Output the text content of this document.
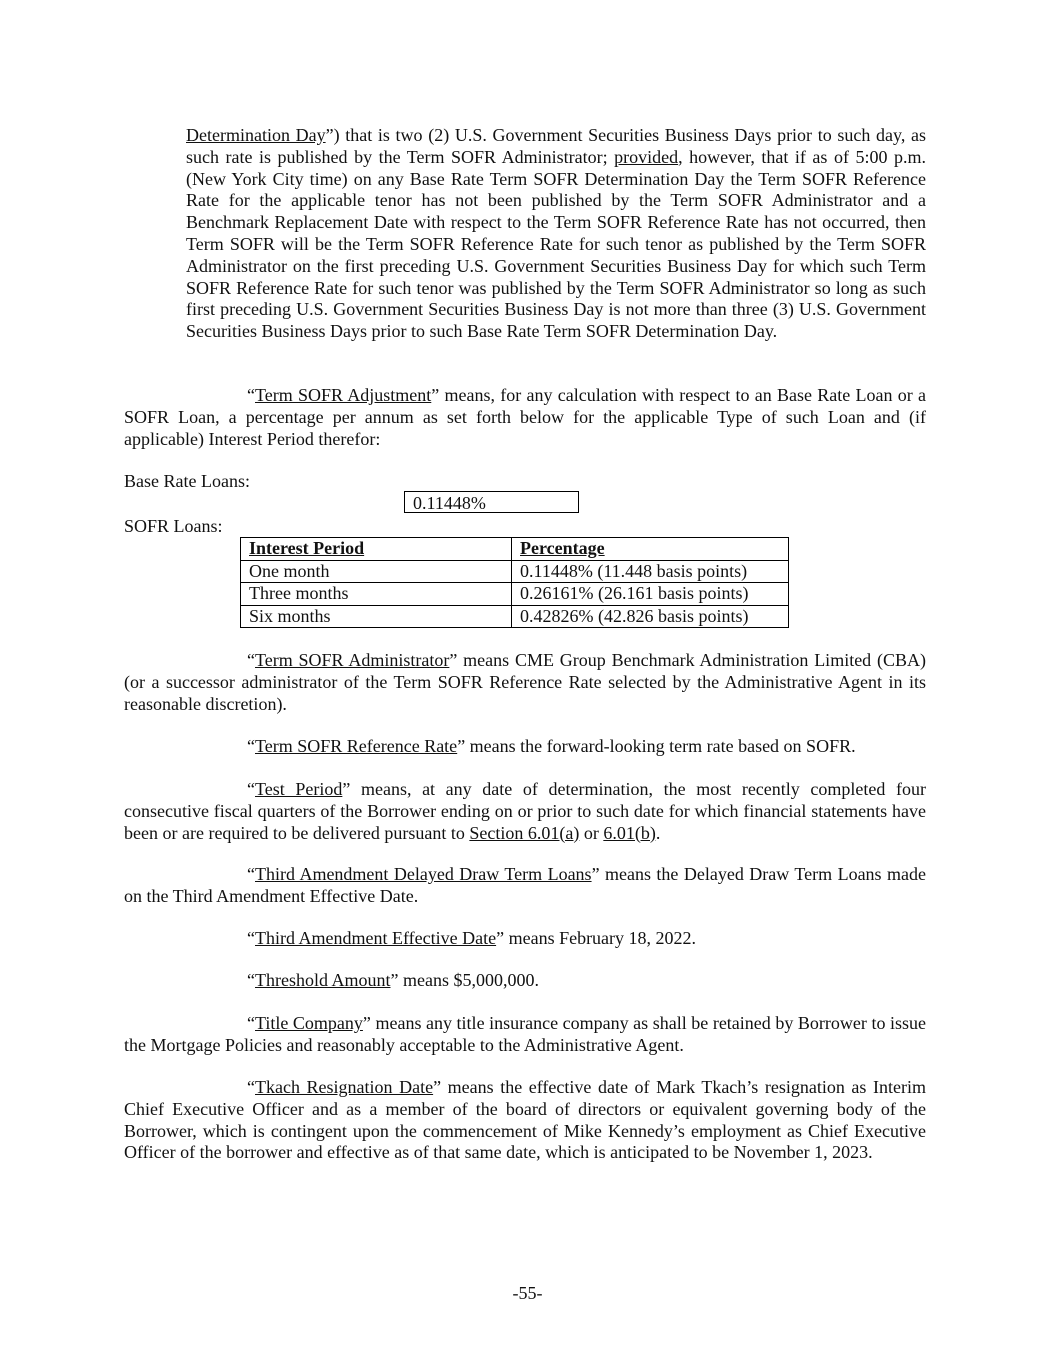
Determination Day”) that is two (2) U.S. Government Securities Business Days prior to such day, as such rate is published by the Term SOFR Administrator; provided, however, that if as of 5:00 p.m. (New York City time) on any Base Rate Term SOFR Determination Day the Term SOFR Reference Rate for the applicable tenor has not been published by the Term SOFR Administrator and a Benchmark Replacement Date with respect to the Term SOFR Reference Rate has not occurred, then Term SOFR will be the Term SOFR Reference Rate for such tenor as published by the Term SOFR Administrator on the first preceding U.S. Government Securities Business Day for which such Term SOFR Reference Rate for such tenor was published by the Term SOFR Administrator so long as such first preceding U.S. Government Securities Business Day is not more than three (3) U.S. Government Securities Business Days prior to such Base Rate Term SOFR Determination Day.

“Term SOFR Adjustment” means, for any calculation with respect to an Base Rate Loan or a SOFR Loan, a percentage per annum as set forth below for the applicable Type of such Loan and (if applicable) Interest Period therefor:

Base Rate Loans:

0.11448%

SOFR Loans:

Interest Period	Percentage
One month	0.11448% (11.448 basis points)
Three months	0.26161% (26.161 basis points)
Six months	0.42826% (42.826 basis points)

“Term SOFR Administrator” means CME Group Benchmark Administration Limited (CBA) (or a successor administrator of the Term SOFR Reference Rate selected by the Administrative Agent in its reasonable discretion).

“Term SOFR Reference Rate” means the forward-looking term rate based on SOFR.

“Test Period” means, at any date of determination, the most recently completed four consecutive fiscal quarters of the Borrower ending on or prior to such date for which financial statements have been or are required to be delivered pursuant to Section 6.01(a) or 6.01(b).

“Third Amendment Delayed Draw Term Loans” means the Delayed Draw Term Loans made on the Third Amendment Effective Date.

“Third Amendment Effective Date” means February 18, 2022.

“Threshold Amount” means $5,000,000.

“Title Company” means any title insurance company as shall be retained by Borrower to issue the Mortgage Policies and reasonably acceptable to the Administrative Agent.

“Tkach Resignation Date” means the effective date of Mark Tkach’s resignation as Interim Chief Executive Officer and as a member of the board of directors or equivalent governing body of the Borrower, which is contingent upon the commencement of Mike Kennedy’s employment as Chief Executive Officer of the borrower and effective as of that same date, which is anticipated to be November 1, 2023.

-55-
